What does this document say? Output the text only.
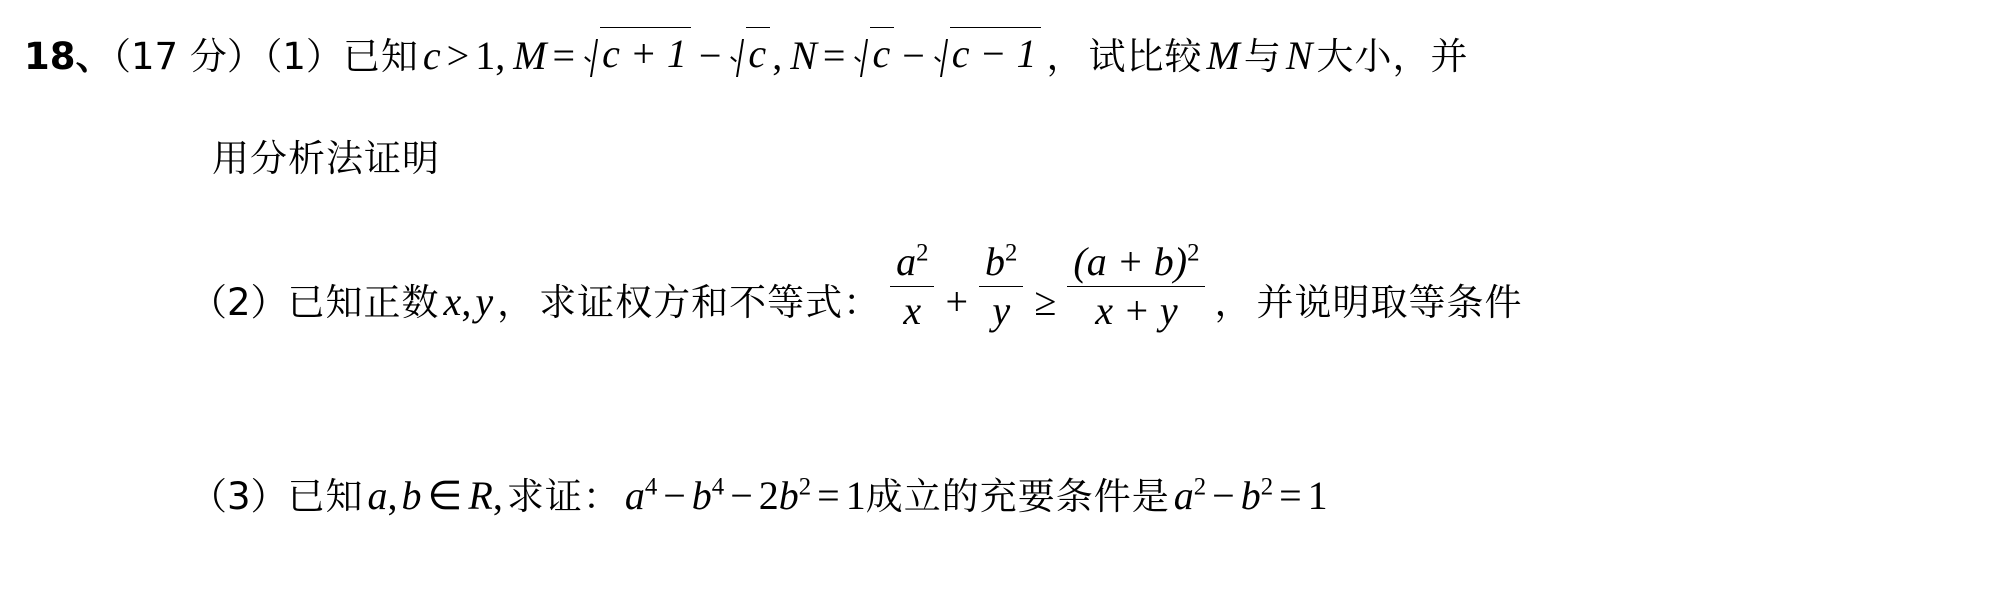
18、（17 分）（1）已知 c > 1, M = c + 1 − c , N = c − c − 1 ， 试比较 M 与 N 大小，并
用分析法证明
（2）已知正数 x, y ， 求证权方和不等式： $\frac{a^2}{x} + \frac{b^2}{y} \ge \frac{(a + b)^2}{x + y}$ ， 并说明取等条件
（3）已知 a, b ∈ R, 求证： $a^4 - b^4 - 2b^2 = 1$成立的充要条件是 $a^2 - b^2 = 1$
